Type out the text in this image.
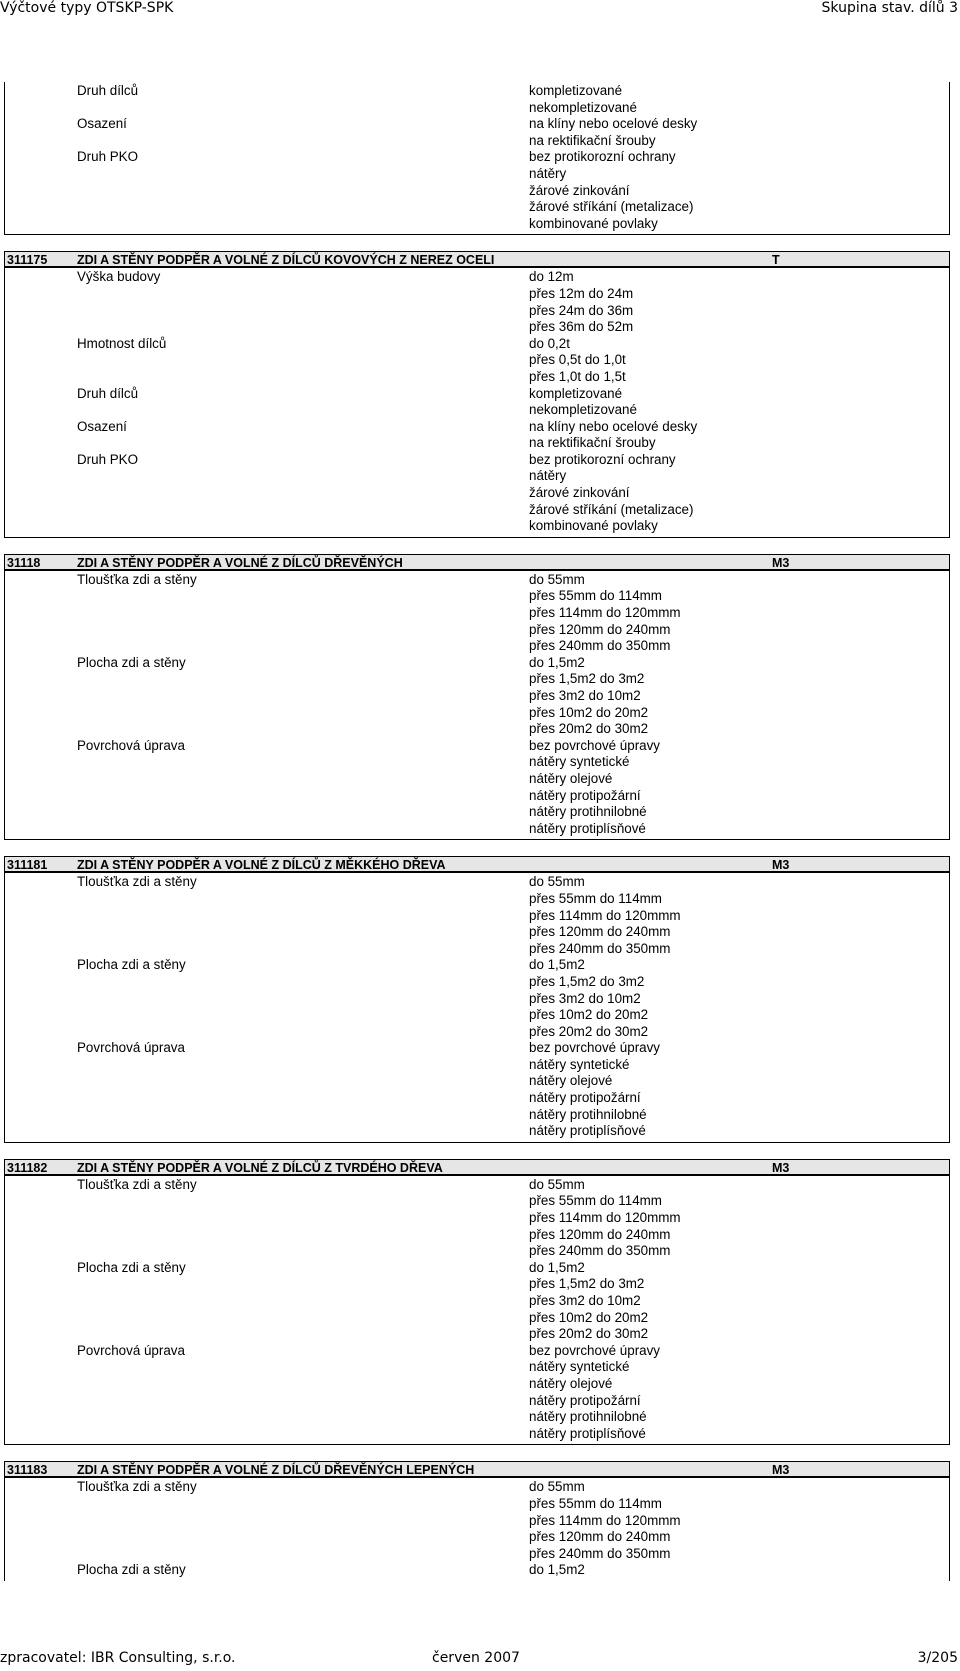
Výčtové typy OTSKP-SPK	Skupina stav. dílů 3
Druh dílců	kompletizované
nekompletizované
Osazení	na klíny nebo ocelové desky
na rektifikační šrouby
Druh PKO	bez protikorozní ochrany
nátěry
žárové zinkování
žárové stříkání (metalizace)
kombinované povlaky
311175 ZDI A STĚNY PODPĚR A VOLNÉ Z DÍLCŮ KOVOVÝCH Z NEREZ OCELI	T
Výška budovy	do 12m
přes 12m do 24m
přes 24m do 36m
přes 36m do 52m
Hmotnost dílců	do 0,2t
přes 0,5t do 1,0t
přes 1,0t do 1,5t
Druh dílců	kompletizované
nekompletizované
Osazení	na klíny nebo ocelové desky
na rektifikační šrouby
Druh PKO	bez protikorozní ochrany
nátěry
žárové zinkování
žárové stříkání (metalizace)
kombinované povlaky
31118	ZDI A STĚNY PODPĚR A VOLNÉ Z DÍLCŮ DŘEVĚNÝCH	M3
Tloušťka zdi a stěny	do 55mm
přes 55mm do 114mm
přes 114mm do 120mmm
přes 120mm do 240mm
přes 240mm do 350mm
Plocha zdi a stěny	do 1,5m2
přes 1,5m2 do 3m2
přes 3m2 do 10m2
přes 10m2 do 20m2
přes 20m2 do 30m2
Povrchová úprava	bez povrchové úpravy
nátěry syntetické
nátěry olejové
nátěry protipožární
nátěry protihnilobné
nátěry protiplísňové
311181 ZDI A STĚNY PODPĚR A VOLNÉ Z DÍLCŮ Z MĚKKÉHO DŘEVA	M3
Tloušťka zdi a stěny	do 55mm
přes 55mm do 114mm
přes 114mm do 120mmm
přes 120mm do 240mm
přes 240mm do 350mm
Plocha zdi a stěny	do 1,5m2
přes 1,5m2 do 3m2
přes 3m2 do 10m2
přes 10m2 do 20m2
přes 20m2 do 30m2
Povrchová úprava	bez povrchové úpravy
nátěry syntetické
nátěry olejové
nátěry protipožární
nátěry protihnilobné
nátěry protiplísňové
311182 ZDI A STĚNY PODPĚR A VOLNÉ Z DÍLCŮ Z TVRDÉHO DŘEVA	M3
Tloušťka zdi a stěny	do 55mm
přes 55mm do 114mm
přes 114mm do 120mmm
přes 120mm do 240mm
přes 240mm do 350mm
Plocha zdi a stěny	do 1,5m2
přes 1,5m2 do 3m2
přes 3m2 do 10m2
přes 10m2 do 20m2
přes 20m2 do 30m2
Povrchová úprava	bez povrchové úpravy
nátěry syntetické
nátěry olejové
nátěry protipožární
nátěry protihnilobné
nátěry protiplísňové
311183 ZDI A STĚNY PODPĚR A VOLNÉ Z DÍLCŮ DŘEVĚNÝCH LEPENÝCH	M3
Tloušťka zdi a stěny	do 55mm
přes 55mm do 114mm
přes 114mm do 120mmm
přes 120mm do 240mm
přes 240mm do 350mm
Plocha zdi a stěny	do 1,5m2
zpracovatel: IBR Consulting, s.r.o.	červen 2007	3/205
